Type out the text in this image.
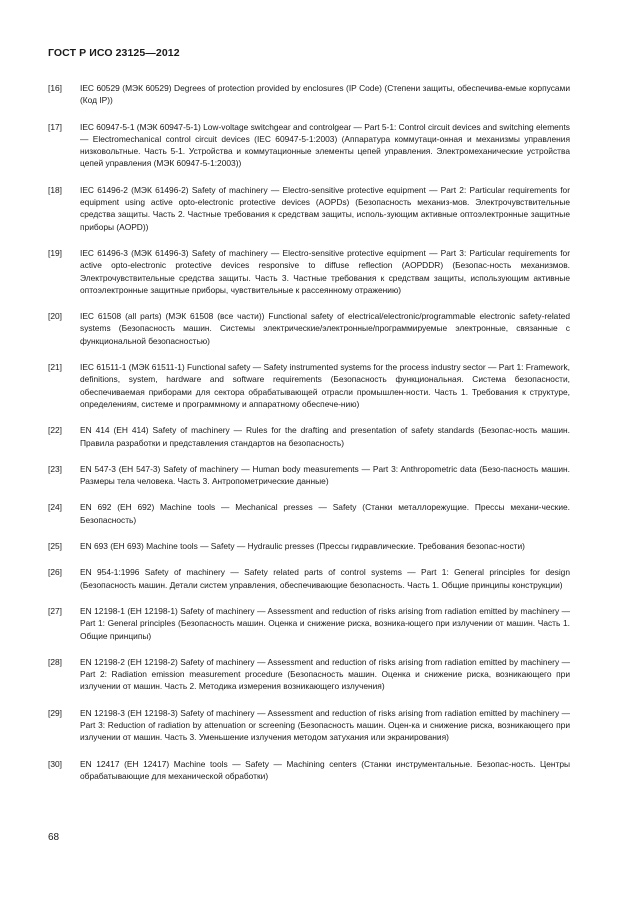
ГОСТ Р ИСО 23125—2012
[16]	IEC 60529 (МЭК 60529) Degrees of protection provided by enclosures (IP Code) (Степени защиты, обеспечива-емые корпусами (Код IP))
[17]	IEC 60947-5-1 (МЭК 60947-5-1) Low-voltage switchgear and controlgear — Part 5-1: Control circuit devices and switching elements — Electromechanical control circuit devices (IEC 60947-5-1:2003) (Аппаратура коммутаци-онная и механизмы управления низковольтные. Часть 5-1. Устройства и коммутационные элементы цепей управления. Электромеханические устройства цепей управления (МЭК 60947-5-1:2003))
[18]	IEC 61496-2 (МЭК 61496-2) Safety of machinery — Electro-sensitive protective equipment — Part 2: Particular requirements for equipment using active opto-electronic protective devices (AOPDs) (Безопасность механиз-мов. Электрочувствительные средства защиты. Часть 2. Частные требования к средствам защиты, исполь-зующим активные оптоэлектронные защитные приборы (AOPD))
[19]	IEC 61496-3 (МЭК 61496-3) Safety of machinery — Electro-sensitive protective equipment — Part 3: Particular requirements for active opto-electronic protective devices responsive to diffuse reflection (AOPDDR) (Безопас-ность механизмов. Электрочувствительные средства защиты. Часть 3. Частные требования к средствам защиты, использующим активные оптоэлектронные защитные приборы, чувствительные к рассеянному отражению)
[20]	IEC 61508 (all parts) (МЭК 61508 (все части)) Functional safety of electrical/electronic/programmable electronic safety-related systems (Безопасность машин. Системы электрические/электронные/программируемые электронные, связанные с функциональной безопасностью)
[21]	IEC 61511-1 (МЭК 61511-1) Functional safety — Safety instrumented systems for the process industry sector — Part 1: Framework, definitions, system, hardware and software requirements (Безопасность функциональная. Система безопасности, обеспечиваемая приборами для сектора обрабатывающей отрасли промышлен-ности. Часть 1. Требования к структуре, определениям, системе и программному и аппаратному обеспече-нию)
[22]	EN 414 (ЕН 414) Safety of machinery — Rules for the drafting and presentation of safety standards (Безопас-ность машин. Правила разработки и представления стандартов на безопасность)
[23]	EN 547-3 (ЕН 547-3) Safety of machinery — Human body measurements — Part 3: Anthropometric data (Безо-пасность машин. Размеры тела человека. Часть 3. Антропометрические данные)
[24]	EN 692 (ЕН 692) Machine tools — Mechanical presses — Safety (Станки металлорежущие. Прессы механи-ческие. Безопасность)
[25]	EN 693 (ЕН 693) Machine tools — Safety — Hydraulic presses (Прессы гидравлические. Требования безопас-ности)
[26]	EN 954-1:1996 Safety of machinery — Safety related parts of control systems — Part 1: General principles for design (Безопасность машин. Детали систем управления, обеспечивающие безопасность. Часть 1. Общие принципы конструкции)
[27]	EN 12198-1 (ЕН 12198-1) Safety of machinery — Assessment and reduction of risks arising from radiation emitted by machinery — Part 1: General principles (Безопасность машин. Оценка и снижение риска, возника-ющего при излучении от машин. Часть 1. Общие принципы)
[28]	EN 12198-2 (ЕН 12198-2) Safety of machinery — Assessment and reduction of risks arising from radiation emitted by machinery — Part 2: Radiation emission measurement procedure (Безопасность машин. Оценка и снижение риска, возникающего при излучении от машин. Часть 2. Методика измерения возникающего излучения)
[29]	EN 12198-3 (ЕН 12198-3) Safety of machinery — Assessment and reduction of risks arising from radiation emitted by machinery — Part 3: Reduction of radiation by attenuation or screening (Безопасность машин. Оцен-ка и снижение риска, возникающего при излучении от машин. Часть 3. Уменьшение излучения методом затухания или экранирования)
[30]	EN 12417 (ЕН 12417) Machine tools — Safety — Machining centers (Станки инструментальные. Безопас-ность. Центры обрабатывающие для механической обработки)
68
